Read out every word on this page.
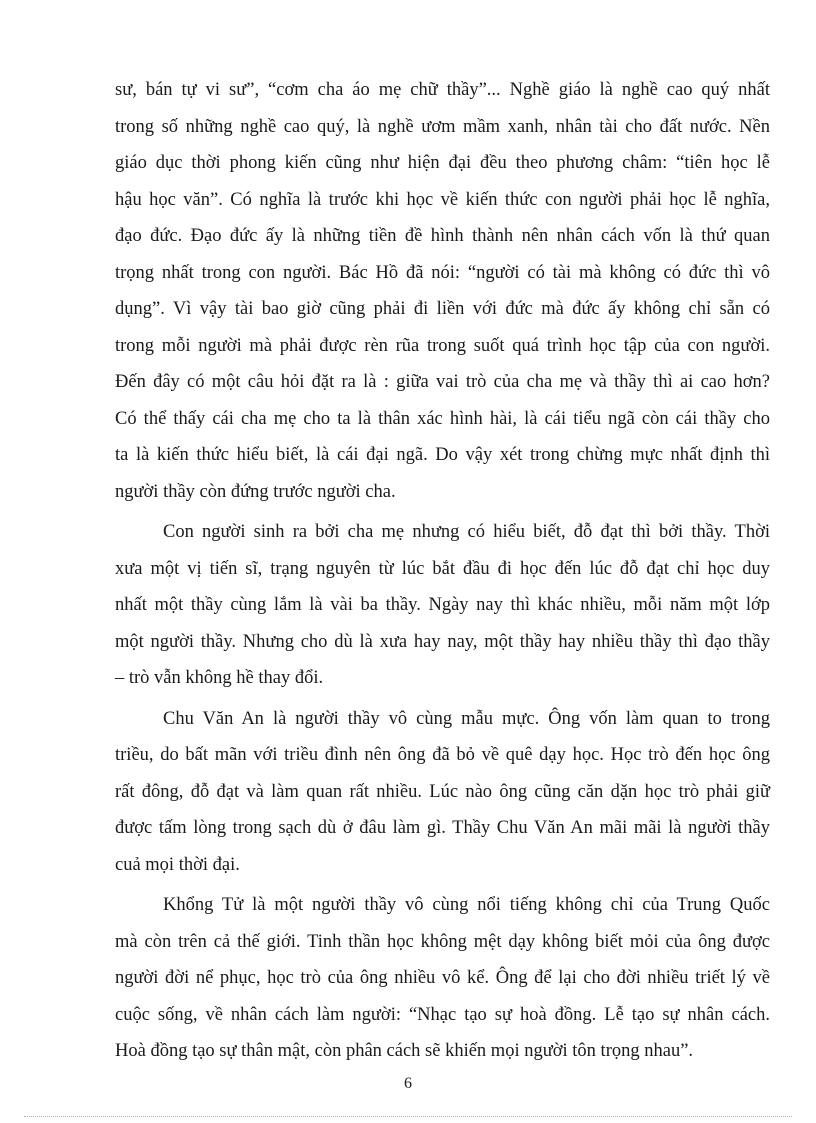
sư, bán tự vi sư”, “cơm cha áo mẹ chữ thầy”... Nghề giáo là nghề cao quý nhất
trong số những nghề cao quý, là nghề ươm mầm xanh, nhân tài cho đất nước. Nền
giáo dục thời phong kiến cũng như hiện đại đều theo phương châm: “tiên học lễ
hậu học văn”. Có nghĩa là trước khi học về kiến thức con người phải học lễ nghĩa,
đạo đức. Đạo đức ấy là những tiền đề hình thành nên nhân cách vốn là thứ quan
trọng nhất trong con người. Bác Hồ đã nói: “người có tài mà không có đức thì vô
dụng”. Vì vậy tài bao giờ cũng phải đi liền với đức mà đức ấy không chỉ sẵn có
trong mỗi người mà phải được rèn rũa trong suốt quá trình học tập của con người.
Đến đây có một câu hỏi đặt ra là : giữa vai trò của cha mẹ và thầy thì ai cao hơn?
Có thể thấy cái cha mẹ cho ta là thân xác hình hài, là cái tiểu ngã còn cái thầy cho
ta là kiến thức hiểu biết, là cái đại ngã. Do vậy xét trong chừng mực nhất định thì
người thầy còn đứng trước người cha.
Con người sinh ra bởi cha mẹ nhưng có hiểu biết, đỗ đạt thì bởi thầy. Thời
xưa một vị tiến sĩ, trạng nguyên từ lúc bắt đầu đi học đến lúc đỗ đạt chỉ học duy
nhất một thầy cùng lắm là vài ba thầy. Ngày nay thì khác nhiều, mỗi năm một lớp
một người thầy. Nhưng cho dù là xưa hay nay, một thầy hay nhiều thầy thì đạo thầy
– trò vẫn không hề thay đổi.
Chu Văn An là người thầy vô cùng mẫu mực. Ông vốn làm quan to trong
triều, do bất mãn với triều đình nên ông đã bỏ về quê dạy học. Học trò đến học ông
rất đông, đỗ đạt và làm quan rất nhiều. Lúc nào ông cũng căn dặn học trò phải giữ
được tấm lòng trong sạch dù ở đâu làm gì. Thầy Chu Văn An mãi mãi là người thầy
cuả mọi thời đại.
Khổng Tử là một người thầy vô cùng nổi tiếng không chỉ của Trung Quốc
mà còn trên cả thế giới. Tinh thần học không mệt dạy không biết mỏi của ông được
người đời nể phục, học trò của ông nhiều vô kể. Ông để lại cho đời nhiều triết lý về
cuộc sống, về nhân cách làm người: “Nhạc tạo sự hoà đồng. Lễ tạo sự nhân cách.
Hoà đồng tạo sự thân mật, còn phân cách sẽ khiến mọi người tôn trọng nhau”.
6
